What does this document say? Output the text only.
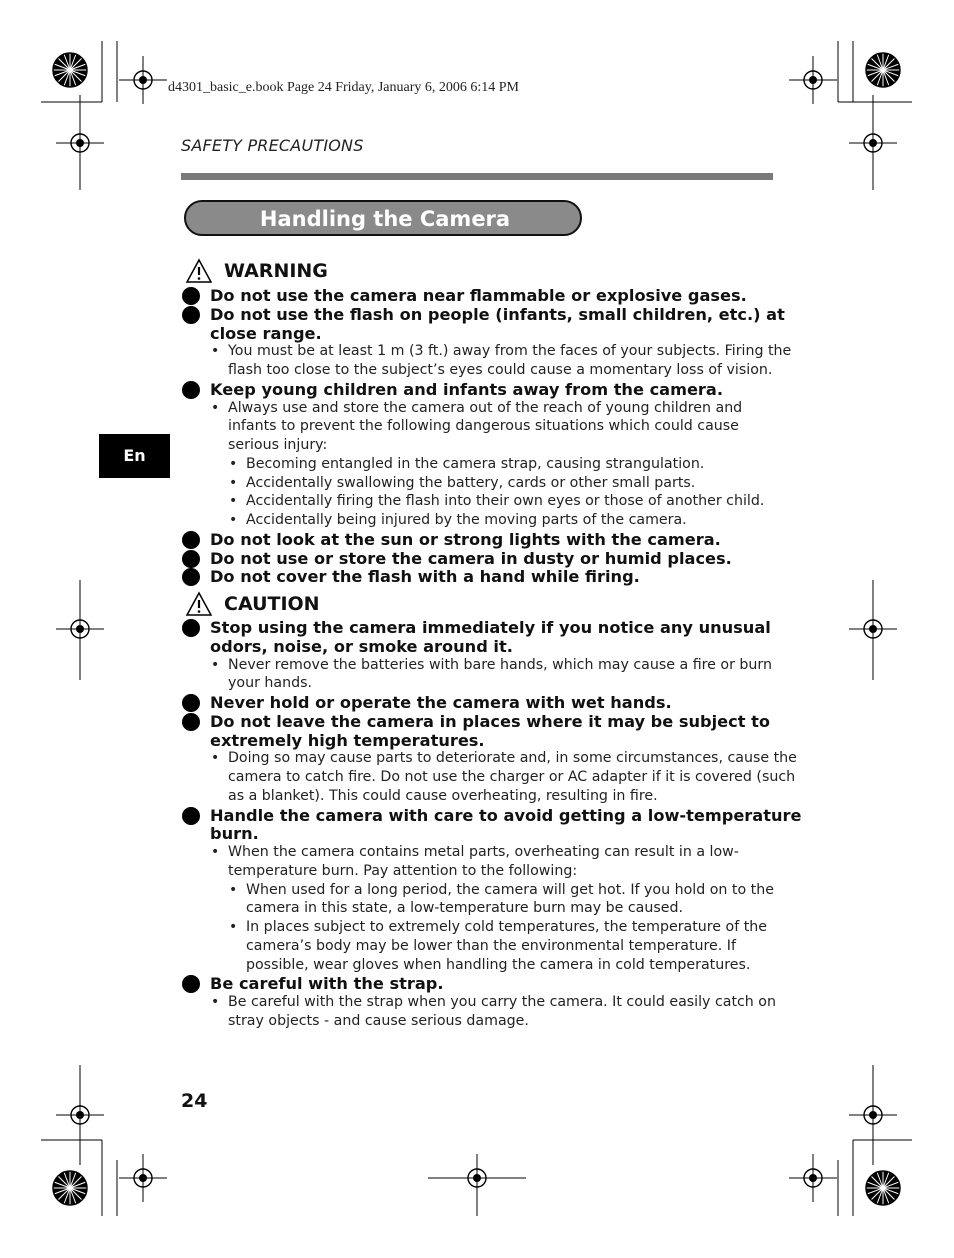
d4301_basic_e.book Page 24 Friday, January 6, 2006 6:14 PM
SAFETY PRECAUTIONS
Handling the Camera
En
WARNING
Do not use the camera near flammable or explosive gases.
Do not use the flash on people (infants, small children, etc.) at
close range.
• You must be at least 1 m (3 ft.) away from the faces of your subjects. Firing the
flash too close to the subject’s eyes could cause a momentary loss of vision.
Keep young children and infants away from the camera.
• Always use and store the camera out of the reach of young children and
infants to prevent the following dangerous situations which could cause
serious injury:
• Becoming entangled in the camera strap, causing strangulation.
• Accidentally swallowing the battery, cards or other small parts.
• Accidentally firing the flash into their own eyes or those of another child.
• Accidentally being injured by the moving parts of the camera.
Do not look at the sun or strong lights with the camera.
Do not use or store the camera in dusty or humid places.
Do not cover the flash with a hand while firing.
CAUTION
Stop using the camera immediately if you notice any unusual
odors, noise, or smoke around it.
• Never remove the batteries with bare hands, which may cause a fire or burn
your hands.
Never hold or operate the camera with wet hands.
Do not leave the camera in places where it may be subject to
extremely high temperatures.
• Doing so may cause parts to deteriorate and, in some circumstances, cause the
camera to catch fire. Do not use the charger or AC adapter if it is covered (such
as a blanket). This could cause overheating, resulting in fire.
Handle the camera with care to avoid getting a low-temperature
burn.
• When the camera contains metal parts, overheating can result in a low-
temperature burn. Pay attention to the following:
• When used for a long period, the camera will get hot. If you hold on to the
camera in this state, a low-temperature burn may be caused.
• In places subject to extremely cold temperatures, the temperature of the
camera’s body may be lower than the environmental temperature. If
possible, wear gloves when handling the camera in cold temperatures.
Be careful with the strap.
• Be careful with the strap when you carry the camera. It could easily catch on
stray objects - and cause serious damage.
24
